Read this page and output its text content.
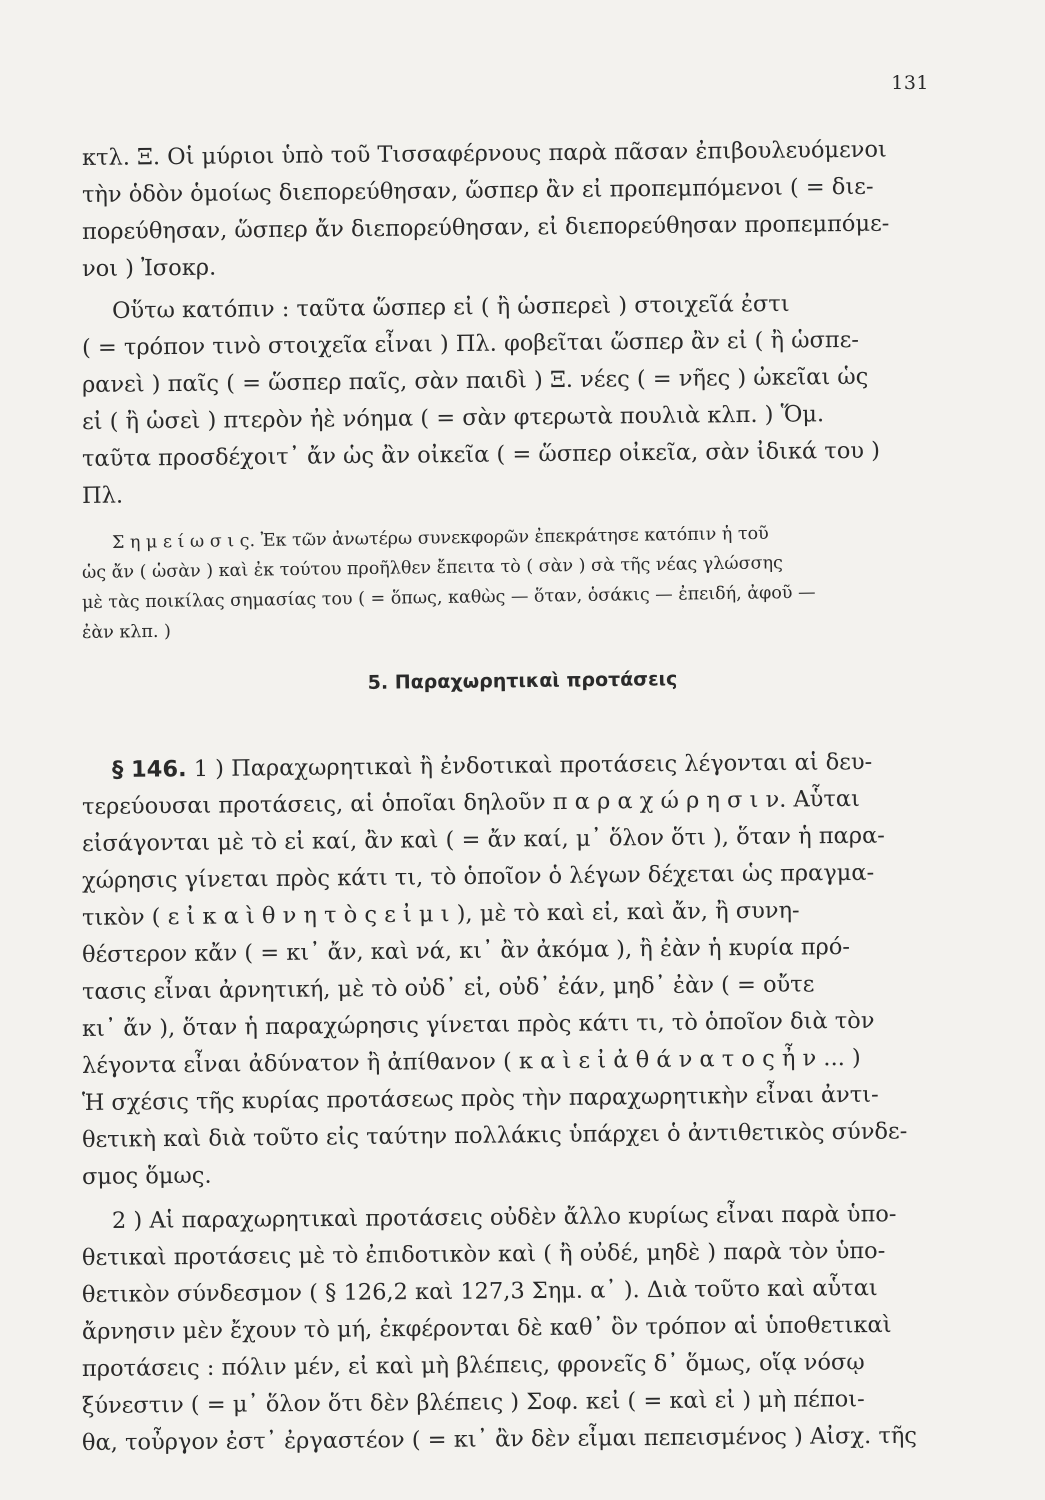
131
κτλ. Ξ. Οἱ μύριοι ὑπὸ τοῦ Τισσαφέρνους παρὰ πᾶσαν ἐπιβουλευόμενοι
τὴν ὁδὸν ὁμοίως διεπορεύθησαν, ὥσπερ ἂν εἰ προπεμπόμενοι ( = διε-
πορεύθησαν, ὥσπερ ἄν διεπορεύθησαν, εἰ διεπορεύθησαν προπεμπόμε-
νοι ) Ἰσοκρ.
Οὕτω κατόπιν : ταῦτα ὥσπερ εἰ ( ἢ ὡσπερεὶ ) στοιχεῖά ἐστι
( = τρόπον τινὸ στοιχεῖα εἶναι ) Πλ. φοβεῖται ὥσπερ ἂν εἰ ( ἢ ὡσπε-
ρανεὶ ) παῖς ( = ὥσπερ παῖς, σὰν παιδὶ ) Ξ. νέες ( = νῆες ) ὠκεῖαι ὡς
εἰ ( ἢ ὡσεὶ ) πτερὸν ἠὲ νόημα ( = σὰν φτερωτὰ πουλιὰ κλπ. ) Ὅμ.
ταῦτα προσδέχοιτ᾽ ἄν ὡς ἂν οἰκεῖα ( = ὥσπερ οἰκεῖα, σὰν ἰδικά του )
Πλ.
Σ η μ ε ί ω σ ι ς. Ἐκ τῶν ἀνωτέρω συνεκφορῶν ἐπεκράτησε κατόπιν ἡ τοῦ
ὡς ἄν ( ὡσὰν ) καὶ ἐκ τούτου προῆλθεν ἔπειτα τὸ ( σὰν ) σὰ τῆς νέας γλώσσης
μὲ τὰς ποικίλας σημασίας του ( = ὅπως, καθὼς — ὅταν, ὁσάκις — ἐπειδή, ἀφοῦ —
ἐὰν κλπ. )
5. Παραχωρητικαὶ προτάσεις
§ 146. 1 ) Παραχωρητικαὶ ἢ ἐνδοτικαὶ προτάσεις λέγονται αἱ δευ-
τερεύουσαι προτάσεις, αἱ ὁποῖαι δηλοῦν π α ρ α χ ώ ρ η σ ι ν. Αὗται
εἰσάγονται μὲ τὸ εἰ καί, ἂν καὶ ( = ἄν καί, μ᾽ ὅλον ὅτι ), ὅταν ἡ παρα-
χώρησις γίνεται πρὸς κάτι τι, τὸ ὁποῖον ὁ λέγων δέχεται ὡς πραγμα-
τικὸν ( ε ἰ κ α ὶ θ ν η τ ὸ ς ε ἰ μ ι ), μὲ τὸ καὶ εἰ, καὶ ἄν, ἢ συνη-
θέστερον κἄν ( = κι᾽ ἄν, καὶ νά, κι᾽ ἂν ἀκόμα ), ἢ ἐὰν ἡ κυρία πρό-
τασις εἶναι ἀρνητική, μὲ τὸ οὐδ᾽ εἰ, οὐδ᾽ ἐάν, μηδ᾽ ἐὰν ( = οὔτε
κι᾽ ἄν ), ὅταν ἡ παραχώρησις γίνεται πρὸς κάτι τι, τὸ ὁποῖον διὰ τὸν
λέγοντα εἶναι ἀδύνατον ἢ ἀπίθανον ( κ α ὶ ε ἰ ἀ θ ά ν α τ ο ς ἦ ν ... )
Ἡ σχέσις τῆς κυρίας προτάσεως πρὸς τὴν παραχωρητικὴν εἶναι ἀντι-
θετικὴ καὶ διὰ τοῦτο εἰς ταύτην πολλάκις ὑπάρχει ὁ ἀντιθετικὸς σύνδε-
σμος ὅμως.
2 ) Αἱ παραχωρητικαὶ προτάσεις οὐδὲν ἄλλο κυρίως εἶναι παρὰ ὑπο-
θετικαὶ προτάσεις μὲ τὸ ἐπιδοτικὸν καὶ ( ἢ οὐδέ, μηδὲ ) παρὰ τὸν ὑπο-
θετικὸν σύνδεσμον ( § 126,2 καὶ 127,3 Σημ. α᾽ ). Διὰ τοῦτο καὶ αὗται
ἄρνησιν μὲν ἔχουν τὸ μή, ἐκφέρονται δὲ καθ᾽ ὃν τρόπον αἱ ὑποθετικαὶ
προτάσεις : πόλιν μέν, εἰ καὶ μὴ βλέπεις, φρονεῖς δ᾽ ὅμως, οἵᾳ νόσῳ
ξύνεστιν ( = μ᾽ ὅλον ὅτι δὲν βλέπεις ) Σοφ. κεἰ ( = καὶ εἰ ) μὴ πέποι-
θα, τοὖργον ἐστ᾽ ἐργαστέον ( = κι᾽ ἂν δὲν εἶμαι πεπεισμένος ) Αἰσχ. τῆς
